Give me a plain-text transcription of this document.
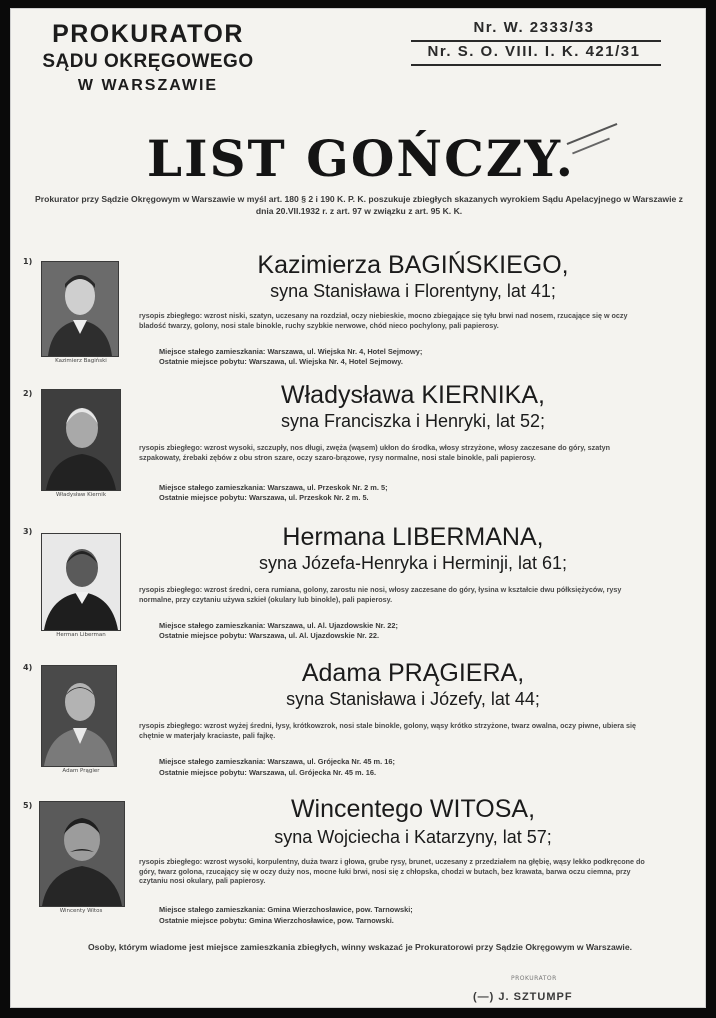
PROKURATOR
SĄDU OKRĘGOWEGO
W WARSZAWIE
Nr. W. 2333/33
Nr. S. O. VIII. I. K. 421/31
LIST GOŃCZY.
Prokurator przy Sądzie Okręgowym w Warszawie w myśl art. 180 § 2 i 190 K. P. K. poszukuje zbiegłych skazanych wyrokiem Sądu Apelacyjnego w Warszawie z dnia 20.VII.1932 r. z art. 97 w związku z art. 95 K. K.
1)
Kazimierz Bagiński
Kazimierza BAGIŃSKIEGO,
syna Stanisława i Florentyny, lat 41;
rysopis zbiegłego: wzrost niski, szatyn, uczesany na rozdział, oczy niebieskie, mocno zbiegające się tyłu brwi nad nosem, rzucające się w oczy bladość twarzy, golony, nosi stale binokle, ruchy szybkie nerwowe, chód nieco pochylony, pali papierosy.
Miejsce stałego zamieszkania: Warszawa, ul. Wiejska Nr. 4, Hotel Sejmowy;
Ostatnie miejsce pobytu: Warszawa, ul. Wiejska Nr. 4, Hotel Sejmowy.
2)
Władysław Kiernik
Władysława KIERNIKA,
syna Franciszka i Henryki, lat 52;
rysopis zbiegłego: wzrost wysoki, szczupły, nos długi, zwęża (wąsem) ukłon do środka, włosy strzyżone, włosy zaczesane do góry, szatyn szpakowaty, źrebaki zębów z obu stron szare, oczy szaro-brązowe, rysy normalne, nosi stale binokle, pali papierosy.
Miejsce stałego zamieszkania: Warszawa, ul. Przeskok Nr. 2 m. 5;
Ostatnie miejsce pobytu: Warszawa, ul. Przeskok Nr. 2 m. 5.
3)
Herman Liberman
Hermana LIBERMANA,
syna Józefa-Henryka i Herminji, lat 61;
rysopis zbiegłego: wzrost średni, cera rumiana, golony, zarostu nie nosi, włosy zaczesane do góry, łysina w kształcie dwu półksiężyców, rysy normalne, przy czytaniu używa szkieł (okulary lub binokle), pali papierosy.
Miejsce stałego zamieszkania: Warszawa, ul. Al. Ujazdowskie Nr. 22;
Ostatnie miejsce pobytu: Warszawa, ul. Al. Ujazdowskie Nr. 22.
4)
Adam Prągier
Adama PRĄGIERA,
syna Stanisława i Józefy, lat 44;
rysopis zbiegłego: wzrost wyżej średni, łysy, krótkowzrok, nosi stale binokle, golony, wąsy krótko strzyżone, twarz owalna, oczy piwne, ubiera się chętnie w materjały kraciaste, pali fajkę.
Miejsce stałego zamieszkania: Warszawa, ul. Grójecka Nr. 45 m. 16;
Ostatnie miejsce pobytu: Warszawa, ul. Grójecka Nr. 45 m. 16.
5)
Wincenty Witos
Wincentego WITOSA,
syna Wojciecha i Katarzyny, lat 57;
rysopis zbiegłego: wzrost wysoki, korpulentny, duża twarz i głowa, grube rysy, brunet, uczesany z przedziałem na głębię, wąsy lekko podkręcone do góry, twarz golona, rzucający się w oczy duży nos, mocne łuki brwi, nosi się z chłopska, chodzi w butach, bez krawata, barwa oczu ciemna, przy czytaniu nosi okulary, pali papierosy.
Miejsce stałego zamieszkania: Gmina Wierzchosławice, pow. Tarnowski;
Ostatnie miejsce pobytu: Gmina Wierzchosławice, pow. Tarnowski.
Osoby, którym wiadome jest miejsce zamieszkania zbiegłych, winny wskazać je Prokuratorowi przy Sądzie Okręgowym w Warszawie.
PROKURATOR
(—) J. SZTUMPF
